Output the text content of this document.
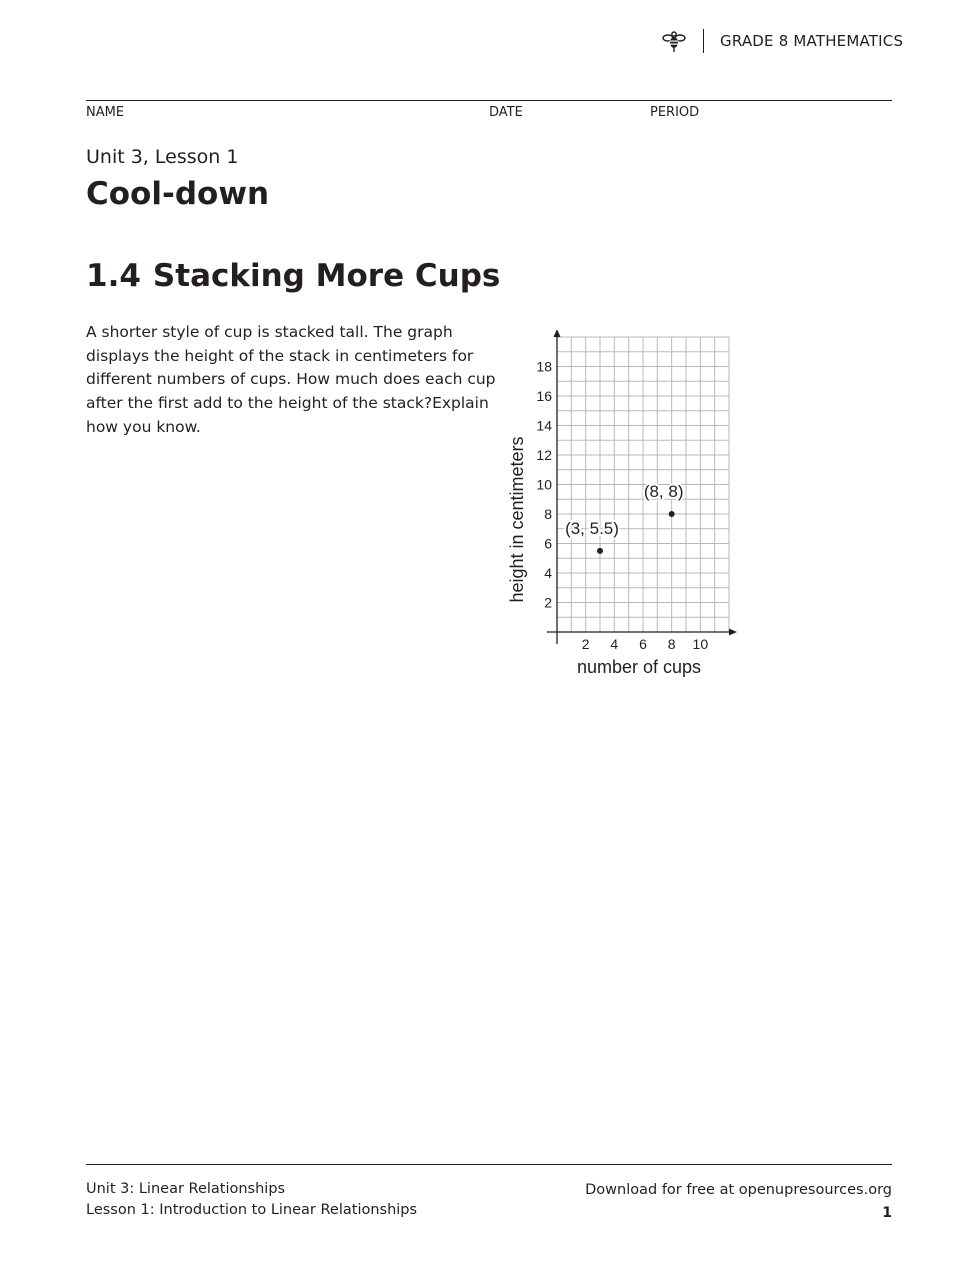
GRADE 8 MATHEMATICS
NAME	DATE	PERIOD
Unit 3, Lesson 1
Cool-down
1.4 Stacking More Cups
A shorter style of cup is stacked tall. The graph displays the height of the stack in centimeters for different numbers of cups. How much does each cup after the first add to the height of the stack?Explain how you know.
2 4 6 8 10
2
4
6
8
10
12
14
16
18
(3, 5.5)
(8, 8)
number of cups
height in centimeters
Unit 3: Linear Relationships
Lesson 1: Introduction to Linear Relationships
Download for free at openupresources.org
1
